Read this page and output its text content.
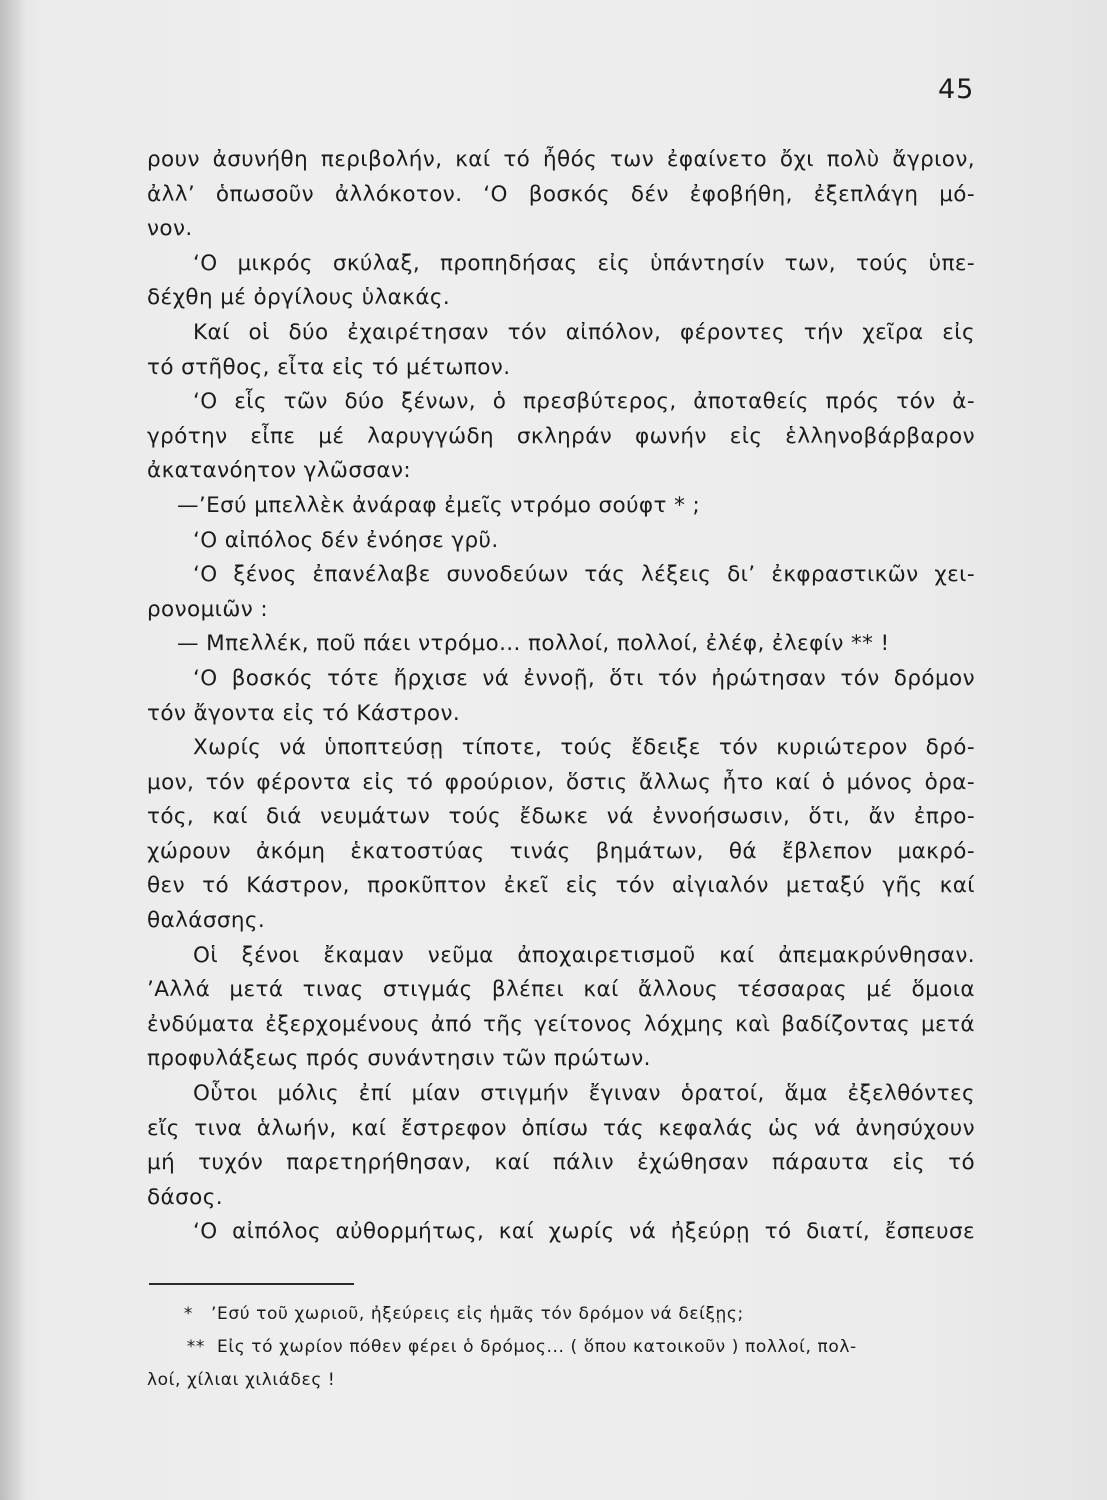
45
ρουν ἀσυνήθη περιβολήν, καί τό ἦθός των ἐφαίνετο ὄχι πολὺ ἄγριον,
ἀλλ’ ὁπωσοῦν ἀλλόκοτον. ‘Ο βοσκός δέν ἐφοβήθη, ἐξεπλάγη μό-
νον.
‘Ο μικρός σκύλαξ, προπηδήσας εἰς ὑπάντησίν των, τούς ὑπε-
δέχθη μέ ὀργίλους ὑλακάς.
Καί οἱ δύο ἐχαιρέτησαν τόν αἰπόλον, φέροντες τήν χεῖρα εἰς
τό στῆθος, εἶτα εἰς τό μέτωπον.
‘Ο εἷς τῶν δύο ξένων, ὁ πρεσβύτερος, ἀποταθείς πρός τόν ἀ-
γρότην εἶπε μέ λαρυγγώδη σκληράν φωνήν εἰς ἑλληνοβάρβαρον
ἀκατανόητον γλῶσσαν:
—’Εσύ μπελλὲκ ἀνάραφ ἐμεῖς ντρόμο σούφτ * ;
‘Ο αἰπόλος δέν ἐνόησε γρῦ.
‘Ο ξένος ἐπανέλαβε συνοδεύων τάς λέξεις δι’ ἐκφραστικῶν χει-
ρονομιῶν :
— Μπελλέκ, ποῦ πάει ντρόμο... πολλοί, πολλοί, ἐλέφ, ἐλεφίν ** !
‘Ο βοσκός τότε ἤρχισε νά ἐννοῇ, ὅτι τόν ἠρώτησαν τόν δρόμον
τόν ἄγοντα εἰς τό Κάστρον.
Χωρίς νά ὑποπτεύσῃ τίποτε, τούς ἔδειξε τόν κυριώτερον δρό-
μον, τόν φέροντα εἰς τό φρούριον, ὅστις ἄλλως ἦτο καί ὁ μόνος ὁρα-
τός, καί διά νευμάτων τούς ἔδωκε νά ἐννοήσωσιν, ὅτι, ἄν ἐπρο-
χώρουν ἀκόμη ἑκατοστύας τινάς βημάτων, θά ἔβλεπον μακρό-
θεν τό Κάστρον, προκῦπτον ἐκεῖ εἰς τόν αἰγιαλόν μεταξύ γῆς καί
θαλάσσης.
Οἱ ξένοι ἔκαμαν νεῦμα ἀποχαιρετισμοῦ καί ἀπεμακρύνθησαν.
’Αλλά μετά τινας στιγμάς βλέπει καί ἄλλους τέσσαρας μέ ὅμοια
ἐνδύματα ἐξερχομένους ἀπό τῆς γείτονος λόχμης καὶ βαδίζοντας μετά
προφυλάξεως πρός συνάντησιν τῶν πρώτων.
Οὗτοι μόλις ἐπί μίαν στιγμήν ἔγιναν ὁρατοί, ἅμα ἐξελθόντες
εἴς τινα ἁλωήν, καί ἔστρεφον ὀπίσω τάς κεφαλάς ὡς νά ἀνησύχουν
μή τυχόν παρετηρήθησαν, καί πάλιν ἐχώθησαν πάραυτα εἰς τό
δάσος.
‘Ο αἰπόλος αὐθορμήτως, καί χωρίς νά ἠξεύρῃ τό διατί, ἔσπευσε
* ’Εσύ τοῦ χωριοῦ, ἠξεύρεις εἰς ἡμᾶς τόν δρόμον νά δείξῃς;
** Εἰς τό χωρίον πόθεν φέρει ὁ δρόμος... ( ὅπου κατοικοῦν ) πολλοί, πολ-
λοί, χίλιαι χιλιάδες !
